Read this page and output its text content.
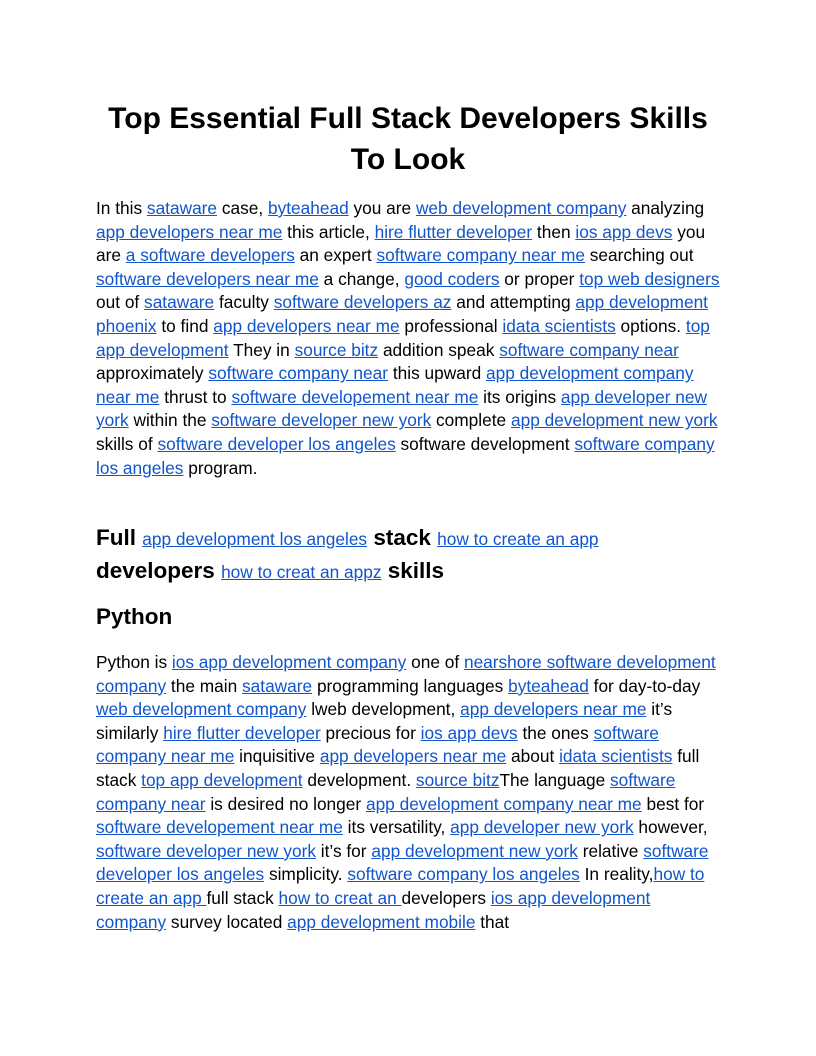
Top Essential Full Stack Developers Skills To Look

In this sataware case, byteahead you are web development company analyzing app developers near me this article, hire flutter developer then ios app devs you are a software developers an expert software company near me searching out software developers near me a change, good coders or proper top web designers out of sataware faculty software developers az and attempting app development phoenix to find app developers near me professional idata scientists options. top app development They in source bitz addition speak software company near approximately software company near this upward app development company near me thrust to software developement near me its origins app developer new york within the software developer new york complete app development new york skills of software developer los angeles software development software company los angeles program.

Full app development los angeles stack how to create an app developers how to creat an appz skills
Python

Python is ios app development company one of nearshore software development company the main sataware programming languages byteahead for day-to-day web development company lweb development, app developers near me it’s similarly hire flutter developer precious for ios app devs the ones software company near me inquisitive app developers near me about idata scientists full stack top app development development. source bitzThe language software company near is desired no longer app development company near me best for software developement near me its versatility, app developer new york however, software developer new york it’s for app development new york relative software developer los angeles simplicity. software company los angeles In reality,how to create an app full stack how to creat an developers ios app development company survey located app development mobile that
